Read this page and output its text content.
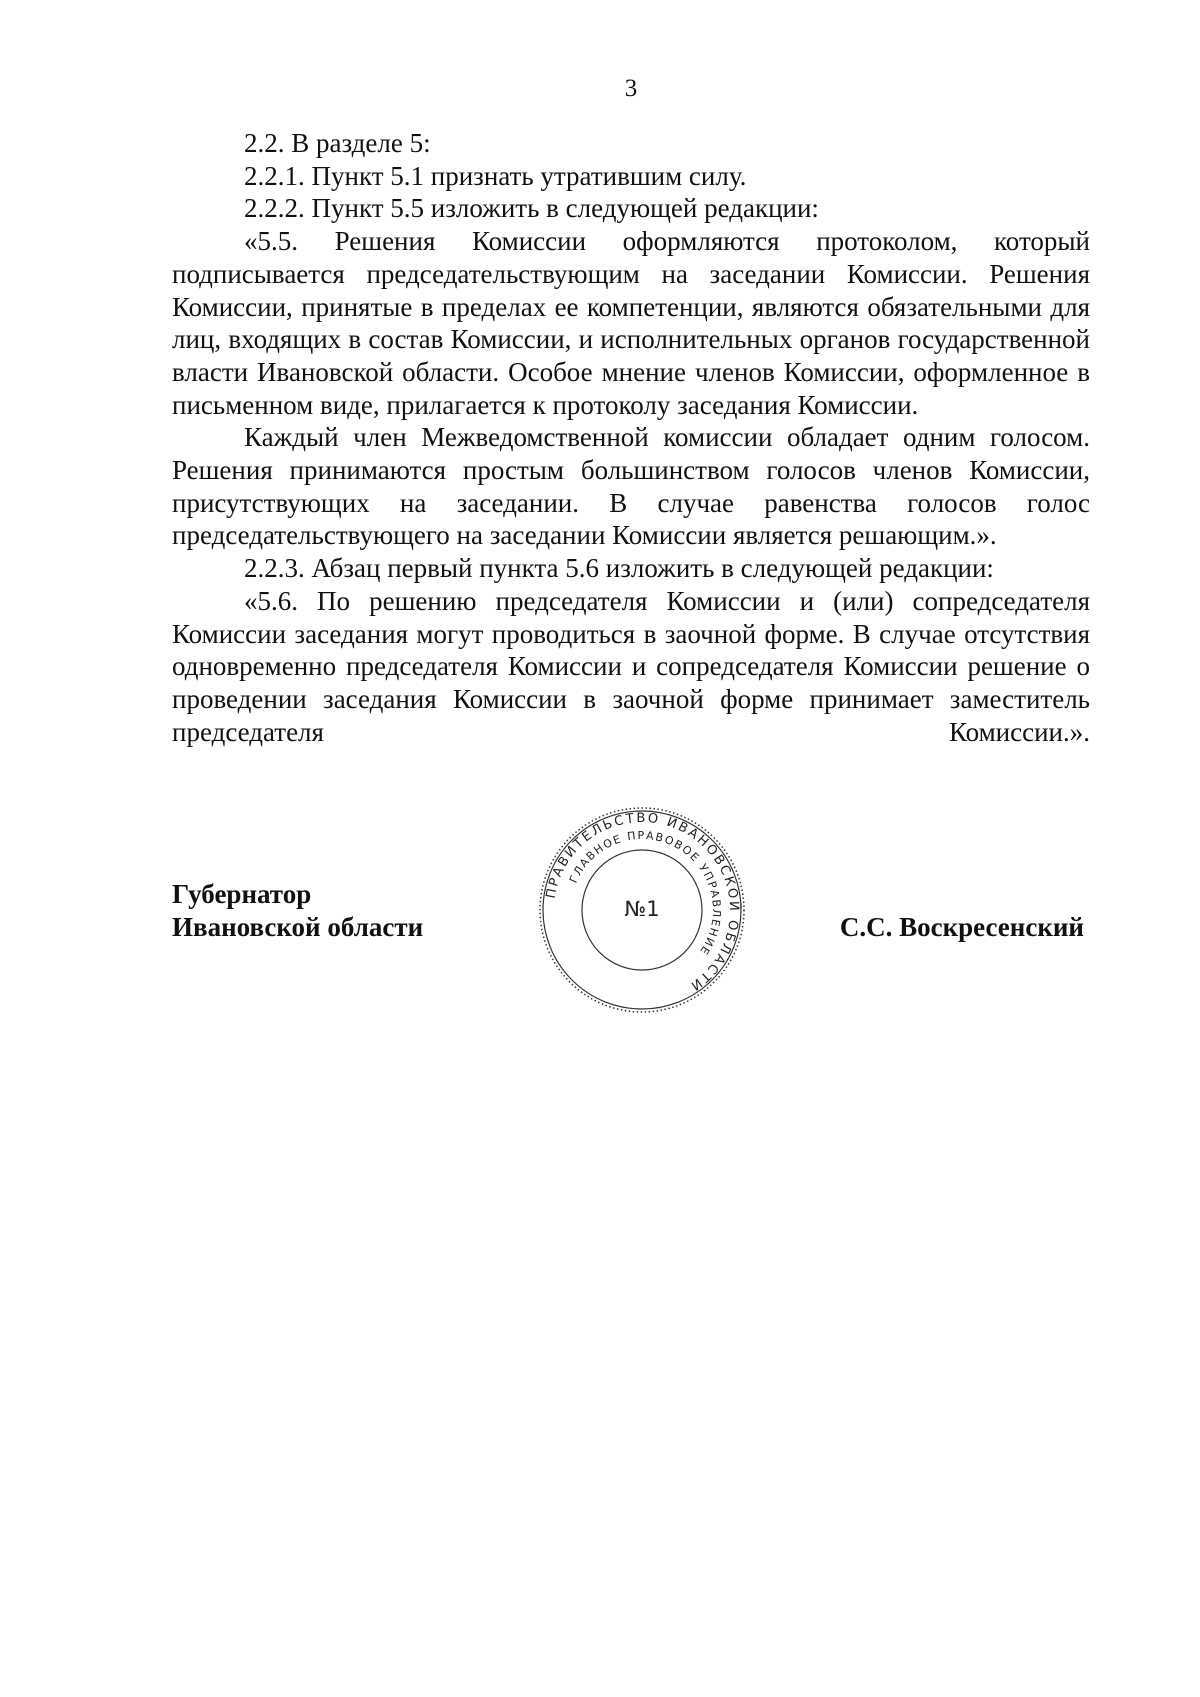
3

2.2. В разделе 5:

2.2.1. Пункт 5.1 признать утратившим силу.

2.2.2. Пункт 5.5 изложить в следующей редакции:

«5.5. Решения Комиссии оформляются протоколом, который подписывается председательствующим на заседании Комиссии. Решения Комиссии, принятые в пределах ее компетенции, являются обязательными для лиц, входящих в состав Комиссии, и исполнительных органов государственной власти Ивановской области. Особое мнение членов Комиссии, оформленное в письменном виде, прилагается к протоколу заседания Комиссии.

Каждый член Межведомственной комиссии обладает одним голосом. Решения принимаются простым большинством голосов членов Комиссии, присутствующих на заседании. В случае равенства голосов голос председательствующего на заседании Комиссии является решающим.».

2.2.3. Абзац первый пункта 5.6 изложить в следующей редакции:

«5.6. По решению председателя Комиссии и (или) сопредседателя Комиссии заседания могут проводиться в заочной форме. В случае отсутствия одновременно председателя Комиссии и сопредседателя Комиссии решение о проведении заседания Комиссии в заочной форме принимает заместитель председателя Комиссии.».

Губернатор
Ивановской области
ПРАВИТЕЛЬСТВО ИВАНОВСКОЙ ОБЛАСТИ
ГЛАВНОЕ ПРАВОВОЕ УПРАВЛЕНИЕ
№1
С.С. Воскресенский
